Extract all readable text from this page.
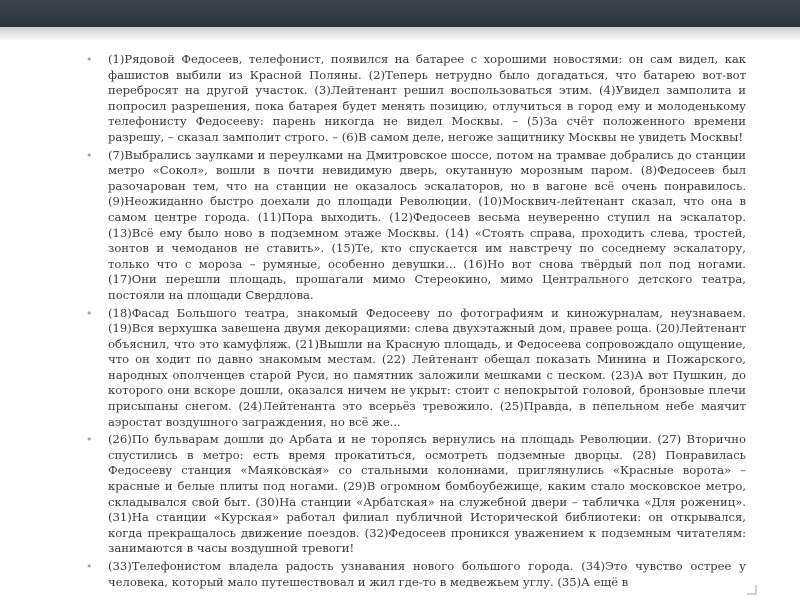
• (1)Рядовой Федосеев, телефонист, появился на батарее с хорошими новостями: он сам видел, как фашистов выбили из Красной Поляны. (2)Теперь нетрудно было догадаться, что батарею вот-вот перебросят на другой участок. (3)Лейтенант решил воспользоваться этим. (4)Увидел замполита и попросил разрешения, пока батарея будет менять позицию, отлучиться в город ему и молоденькому телефонисту Федосееву: парень никогда не видел Москвы. – (5)За счёт положенного времени разрешу, – сказал замполит строго. – (6)В самом деле, негоже защитнику Москвы не увидеть Москвы!
• (7)Выбрались заулками и переулками на Дмитровское шоссе, потом на трамвае добрались до станции метро «Сокол», вошли в почти невидимую дверь, окутанную морозным паром. (8)Федосеев был разочарован тем, что на станции не оказалось эскалаторов, но в вагоне всё очень понравилось. (9)Неожиданно быстро доехали до площади Революции. (10)Москвич-лейтенант сказал, что она в самом центре города. (11)Пора выходить. (12)Федосеев весьма неуверенно ступил на эскалатор. (13)Всё ему было ново в подземном этаже Москвы. (14) «Стоять справа, проходить слева, тростей, зонтов и чемоданов не ставить». (15)Те, кто спускается им навстречу по соседнему эскалатору, только что с мороза – румяные, особенно девушки... (16)Но вот снова твёрдый пол под ногами. (17)Они перешли площадь, прошагали мимо Стереокино, мимо Центрального детского театра, постояли на площади Свердлова.
• (18)Фасад Большого театра, знакомый Федосееву по фотографиям и киножурналам, неузнаваем. (19)Вся верхушка завешена двумя декорациями: слева двухэтажный дом, правее роща. (20)Лейтенант объяснил, что это камуфляж. (21)Вышли на Красную площадь, и Федосеева сопровождало ощущение, что он ходит по давно знакомым местам. (22) Лейтенант обещал показать Минина и Пожарского, народных ополченцев старой Руси, но памятник заложили мешками с песком. (23)А вот Пушкин, до которого они вскоре дошли, оказался ничем не укрыт: стоит с непокрытой головой, бронзовые плечи присыпаны снегом. (24)Лейтенанта это всерьёз тревожило. (25)Правда, в пепельном небе маячит аэростат воздушного заграждения, но всё же...
• (26)По бульварам дошли до Арбата и не торопясь вернулись на площадь Революции. (27) Вторично спустились в метро: есть время прокатиться, осмотреть подземные дворцы. (28) Понравилась Федосееву станция «Маяковская» со стальными колоннами, приглянулись «Красные ворота» – красные и белые плиты под ногами. (29)В огромном бомбоубежище, каким стало московское метро, складывался свой быт. (30)На станции «Арбатская» на служебной двери – табличка «Для рожениц». (31)На станции «Курская» работал филиал публичной Исторической библиотеки: он открывался, когда прекращалось движение поездов. (32)Федосеев проникся уважением к подземным читателям: занимаются в часы воздушной тревоги!
• (33)Телефонистом владела радость узнавания нового большого города. (34)Это чувство острее у человека, который мало путешествовал и жил где-то в медвежьем углу. (35)А ещё в
